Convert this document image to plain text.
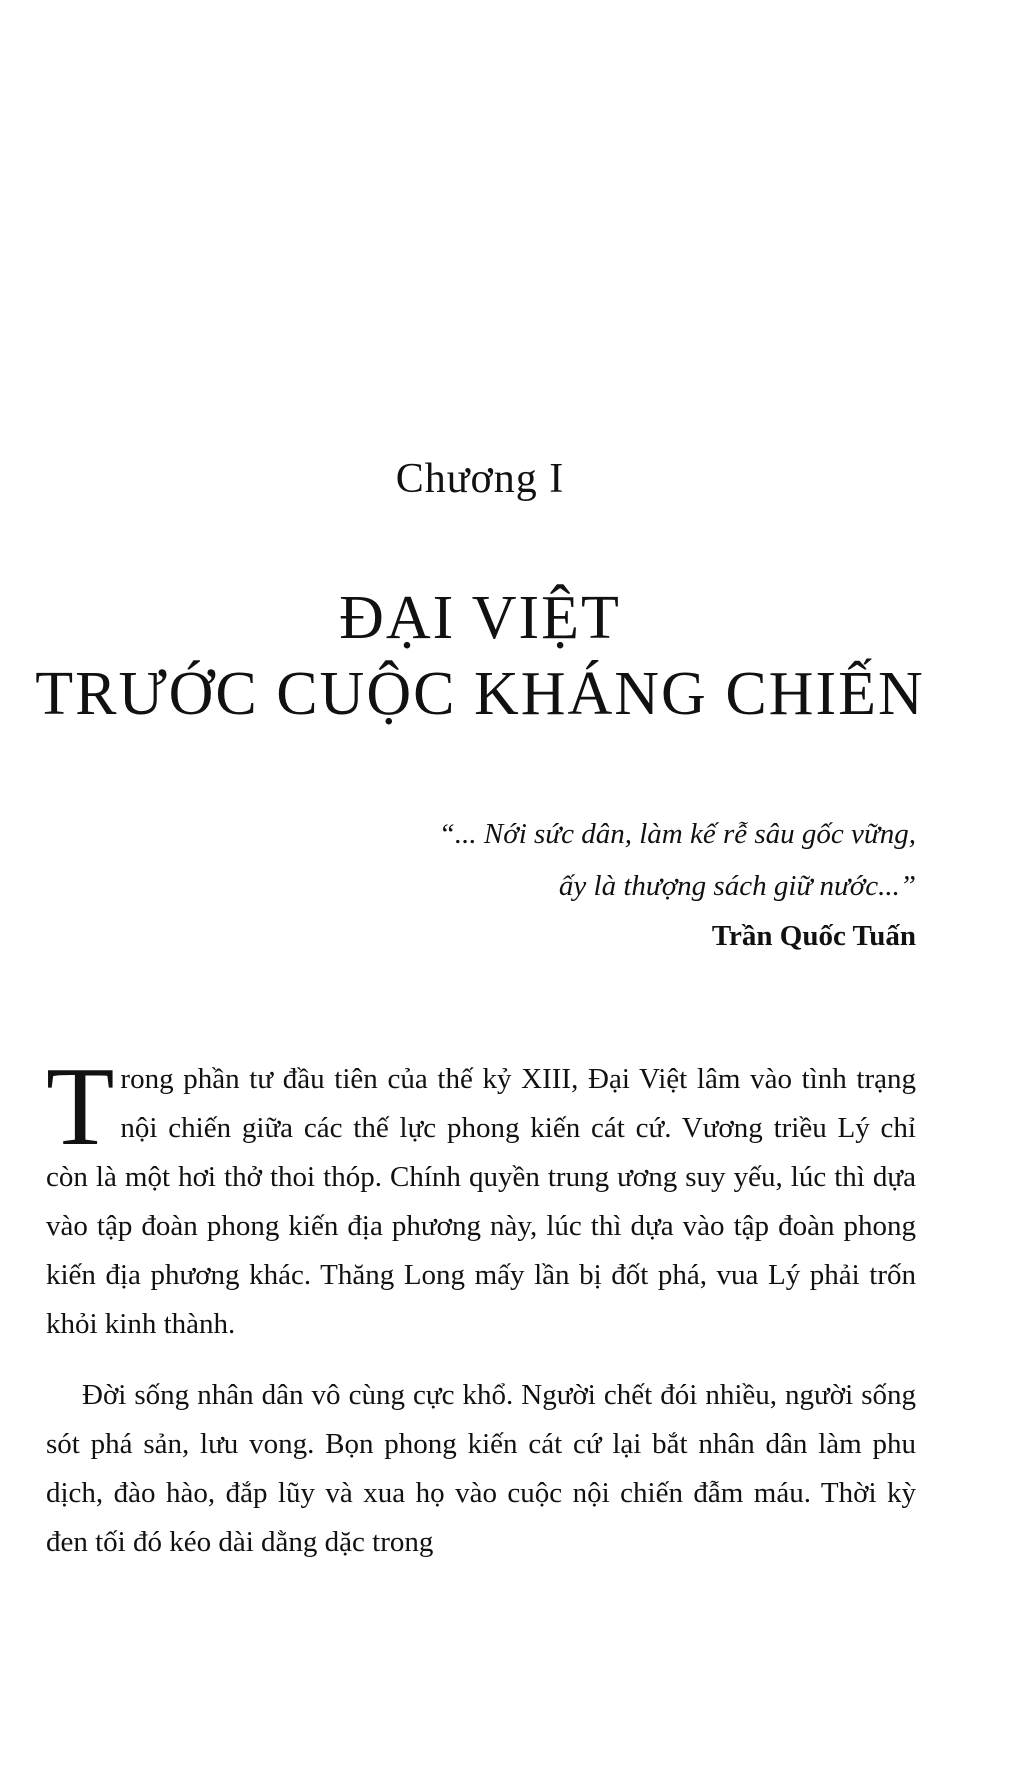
Chương I
ĐẠI VIỆT
TRƯỚC CUỘC KHÁNG CHIẾN
“... Nới sức dân, làm kế rễ sâu gốc vững,
ấy là thượng sách giữ nước...”
Trần Quốc Tuấn

Trong phần tư đầu tiên của thế kỷ XIII, Đại Việt lâm vào tình trạng nội chiến giữa các thế lực phong kiến cát cứ. Vương triều Lý chỉ còn là một hơi thở thoi thóp. Chính quyền trung ương suy yếu, lúc thì dựa vào tập đoàn phong kiến địa phương này, lúc thì dựa vào tập đoàn phong kiến địa phương khác. Thăng Long mấy lần bị đốt phá, vua Lý phải trốn khỏi kinh thành.

Đời sống nhân dân vô cùng cực khổ. Người chết đói nhiều, người sống sót phá sản, lưu vong. Bọn phong kiến cát cứ lại bắt nhân dân làm phu dịch, đào hào, đắp lũy và xua họ vào cuộc nội chiến đẫm máu. Thời kỳ đen tối đó kéo dài dằng dặc trong
